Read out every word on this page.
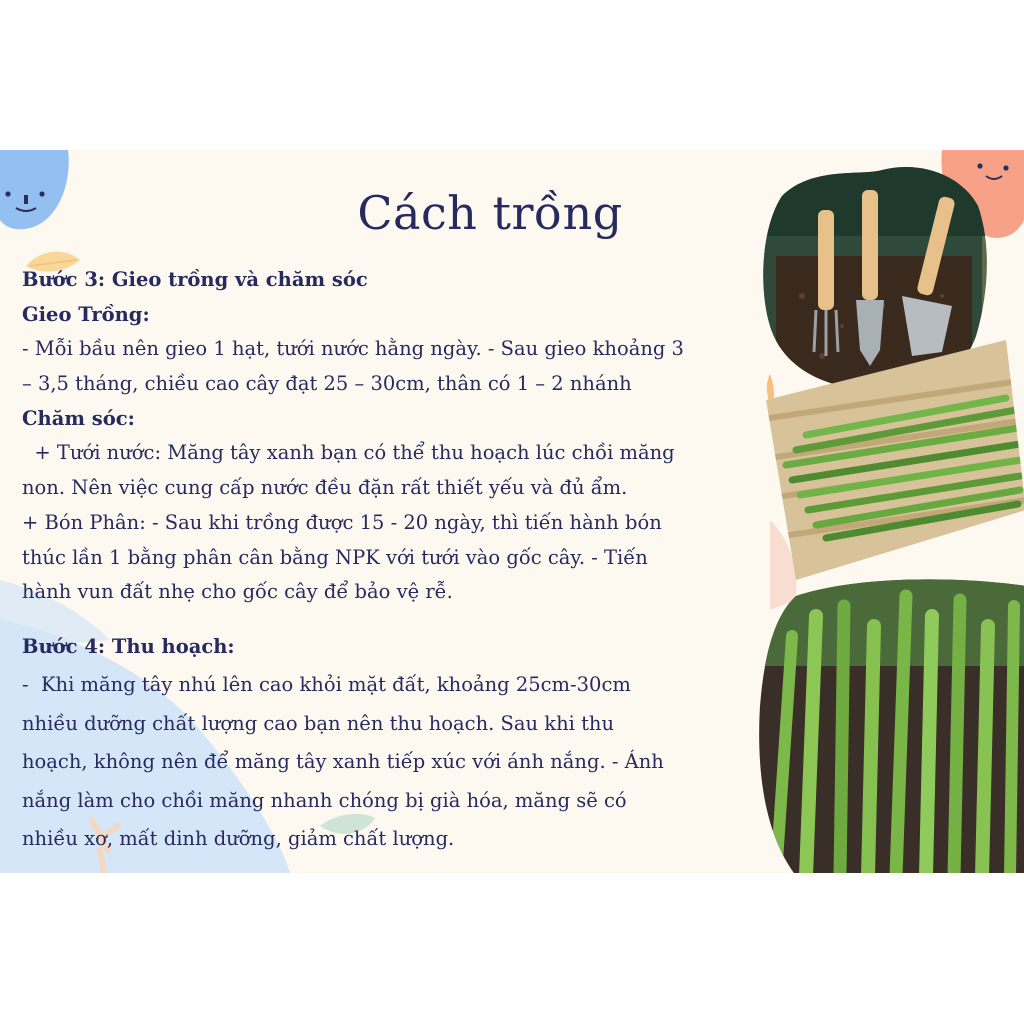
Cách trồng
Bước 3: Gieo trồng và chăm sóc
Gieo Trồng:
- Mỗi bầu nên gieo 1 hạt, tưới nước hằng ngày. - Sau gieo khoảng 3
– 3,5 tháng, chiều cao cây đạt 25 – 30cm, thân có 1 – 2 nhánh
Chăm sóc:
+ Tưới nước: Măng tây xanh bạn có thể thu hoạch lúc chồi măng
non. Nên việc cung cấp nước đều đặn rất thiết yếu và đủ ẩm.
+ Bón Phân: - Sau khi trồng được 15 - 20 ngày, thì tiến hành bón
thúc lần 1 bằng phân cân bằng NPK với tưới vào gốc cây. - Tiến
hành vun đất nhẹ cho gốc cây để bảo vệ rễ.
Bước 4: Thu hoạch:
-  Khi măng tây nhú lên cao khỏi mặt đất, khoảng 25cm-30cm
nhiều dưỡng chất lượng cao bạn nên thu hoạch. Sau khi thu
hoạch, không nên để măng tây xanh tiếp xúc với ánh nắng. - Ánh
nắng làm cho chồi măng nhanh chóng bị già hóa, măng sẽ có
nhiều xơ, mất dinh dưỡng, giảm chất lượng.
